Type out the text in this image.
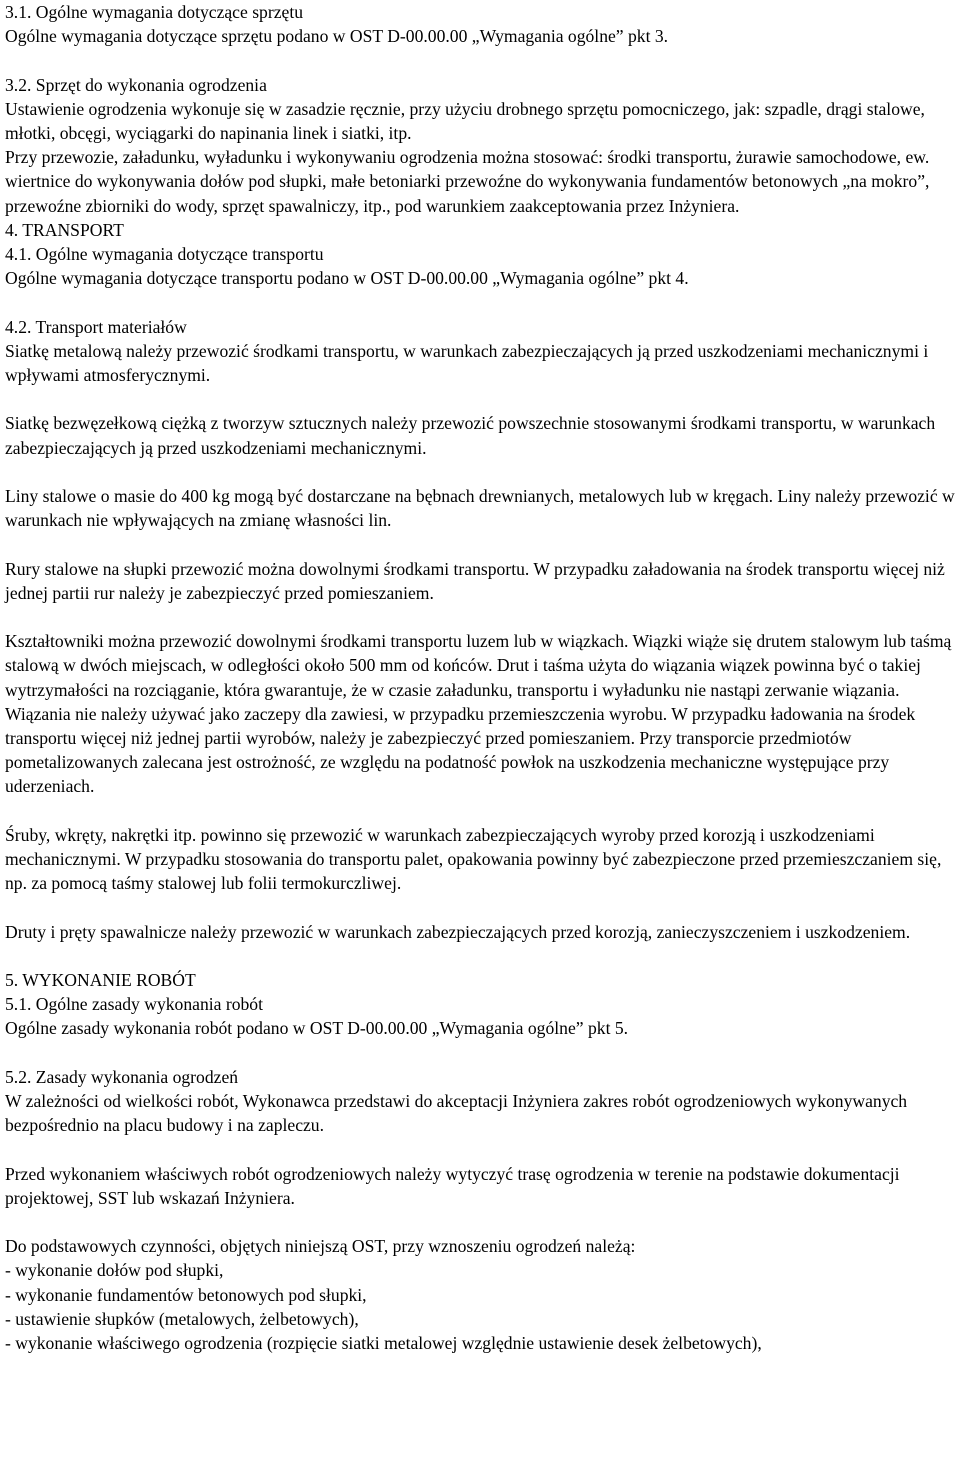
3.1. Ogólne wymagania dotyczące sprzętu

Ogólne wymagania dotyczące sprzętu podano w OST D-00.00.00 „Wymagania ogólne” pkt 3.

3.2. Sprzęt do wykonania ogrodzenia

Ustawienie ogrodzenia wykonuje się w zasadzie ręcznie, przy użyciu drobnego sprzętu pomocniczego, jak: szpadle, drągi stalowe, młotki, obcęgi, wyciągarki do napinania linek i siatki, itp.

Przy przewozie, załadunku, wyładunku i wykonywaniu ogrodzenia można stosować: środki transportu, żurawie samochodowe, ew. wiertnice do wykonywania dołów pod słupki, małe betoniarki przewoźne do wykonywania fundamentów betonowych „na mokro”, przewoźne zbiorniki do wody, sprzęt spawalniczy, itp., pod warunkiem zaakceptowania przez Inżyniera.

4. TRANSPORT

4.1. Ogólne wymagania dotyczące transportu

Ogólne wymagania dotyczące transportu podano w OST D-00.00.00 „Wymagania ogólne” pkt 4.

4.2. Transport materiałów

Siatkę metalową należy przewozić środkami transportu, w warunkach zabezpieczających ją przed uszkodzeniami mechanicznymi i wpływami atmosferycznymi.

Siatkę bezwęzełkową ciężką z tworzyw sztucznych należy przewozić powszechnie stosowanymi środkami transportu, w warunkach zabezpieczających ją przed uszkodzeniami mechanicznymi.

Liny stalowe o masie do 400 kg mogą być dostarczane na bębnach drewnianych, metalowych lub w kręgach. Liny należy przewozić w warunkach nie wpływających na zmianę własności lin.

Rury stalowe na słupki przewozić można dowolnymi środkami transportu. W przypadku załadowania na środek transportu więcej niż jednej partii rur należy je zabezpieczyć przed pomieszaniem.

Kształtowniki można przewozić dowolnymi środkami transportu luzem lub w wiązkach. Wiązki wiąże się drutem stalowym lub taśmą stalową w dwóch miejscach, w odległości około 500 mm od końców. Drut i taśma użyta do wiązania wiązek powinna być o takiej wytrzymałości na rozciąganie, która gwarantuje, że w czasie załadunku, transportu i wyładunku nie nastąpi zerwanie wiązania. Wiązania nie należy używać jako zaczepy dla zawiesi, w przypadku przemieszczenia wyrobu. W przypadku ładowania na środek transportu więcej niż jednej partii wyrobów, należy je zabezpieczyć przed pomieszaniem. Przy transporcie przedmiotów pometalizowanych zalecana jest ostrożność, ze względu na podatność powłok na uszkodzenia mechaniczne występujące przy uderzeniach.

Śruby, wkręty, nakrętki itp. powinno się przewozić w warunkach zabezpieczających wyroby przed korozją i uszkodzeniami mechanicznymi. W przypadku stosowania do transportu palet, opakowania powinny być zabezpieczone przed przemieszczaniem się, np. za pomocą taśmy stalowej lub folii termokurczliwej.

Druty i pręty spawalnicze należy przewozić w warunkach zabezpieczających przed korozją, zanieczyszczeniem i uszkodzeniem.

5. WYKONANIE ROBÓT

5.1. Ogólne zasady wykonania robót

Ogólne zasady wykonania robót podano w OST D-00.00.00 „Wymagania ogólne” pkt 5.

5.2. Zasady wykonania ogrodzeń

W zależności od wielkości robót, Wykonawca przedstawi do akceptacji Inżyniera zakres robót ogrodzeniowych wykonywanych bezpośrednio na placu budowy i na zapleczu.

Przed wykonaniem właściwych robót ogrodzeniowych należy wytyczyć trasę ogrodzenia w terenie na podstawie dokumentacji projektowej, SST lub wskazań Inżyniera.

Do podstawowych czynności, objętych niniejszą OST, przy wznoszeniu ogrodzeń należą:

- wykonanie dołów pod słupki,

- wykonanie fundamentów betonowych pod słupki,

- ustawienie słupków (metalowych, żelbetowych),

- wykonanie właściwego ogrodzenia (rozpięcie siatki metalowej względnie ustawienie desek żelbetowych),
